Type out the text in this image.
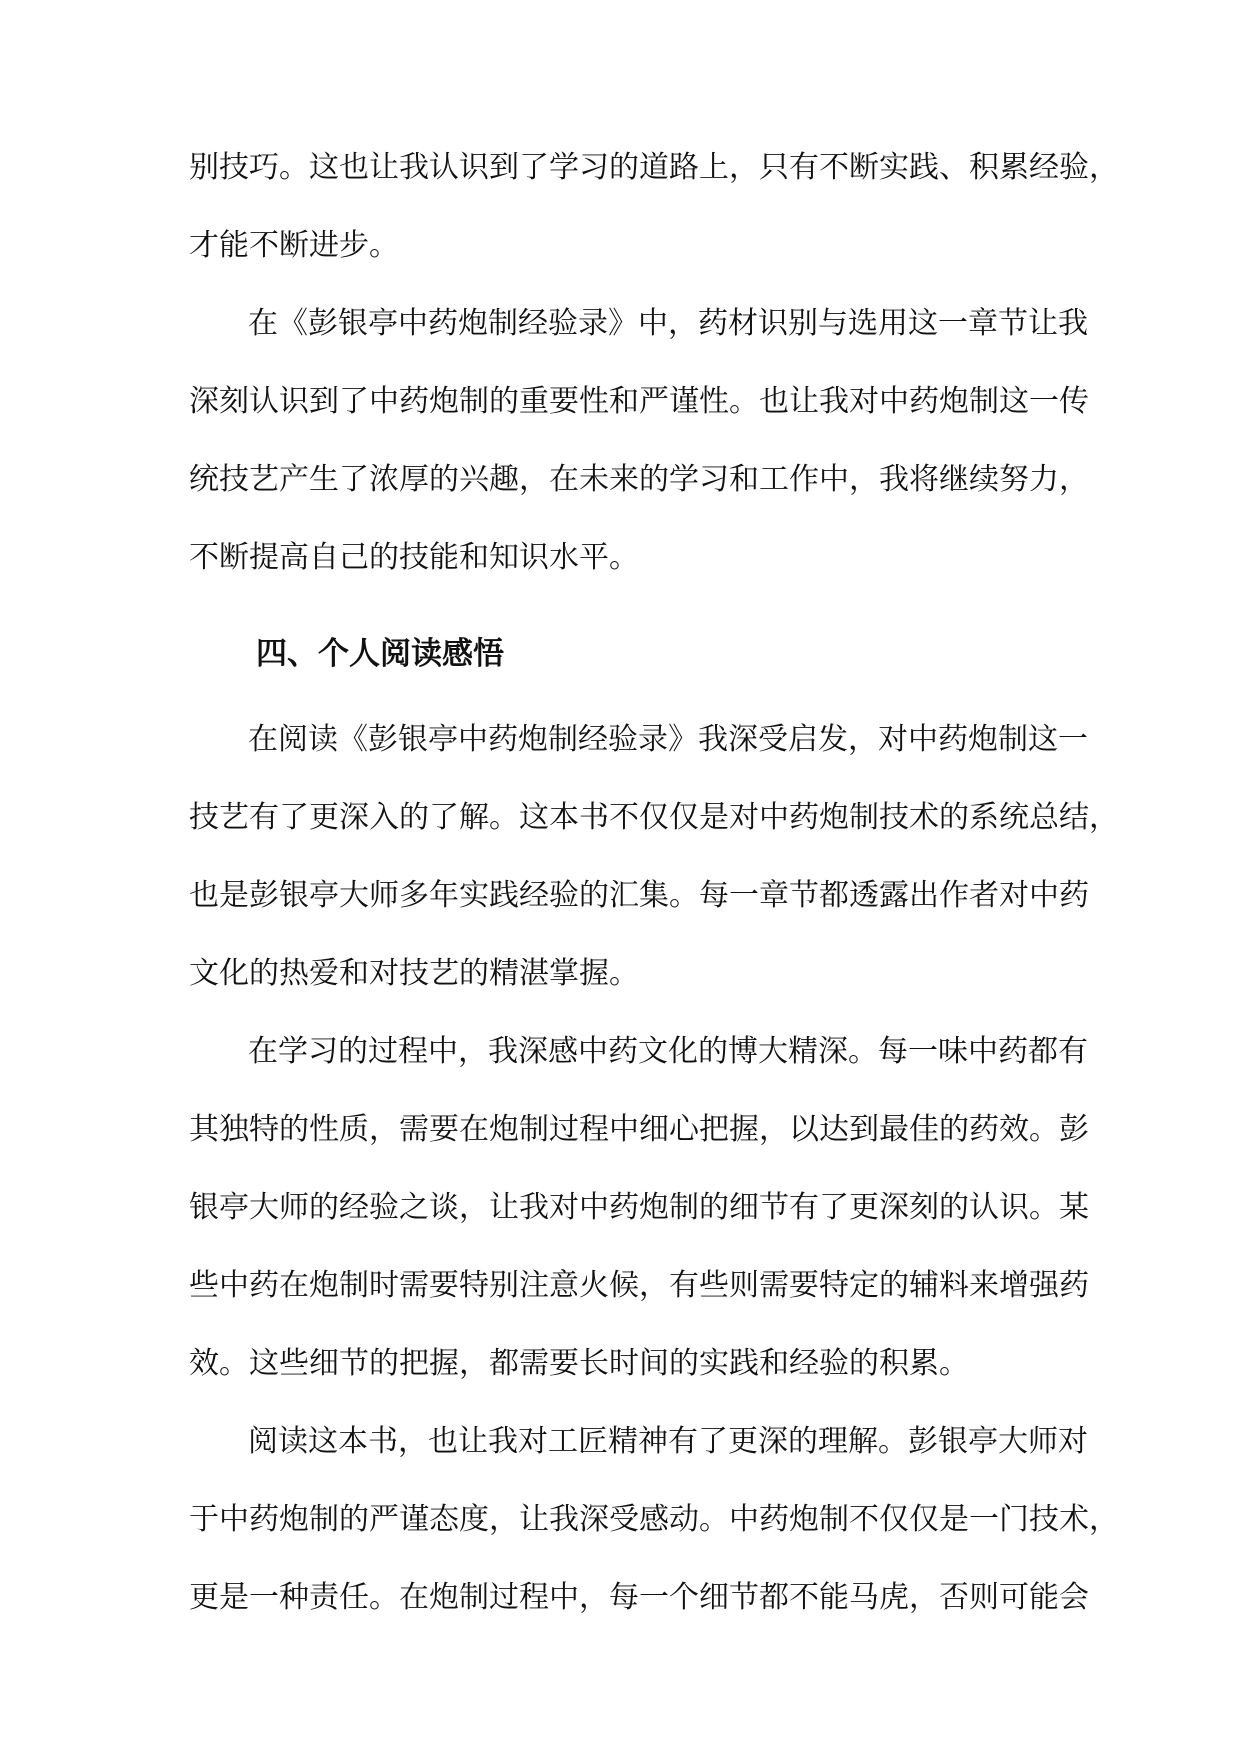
别技巧。这也让我认识到了学习的道路上，只有不断实践、积累经验，
才能不断进步。
在《彭银亭中药炮制经验录》中，药材识别与选用这一章节让我
深刻认识到了中药炮制的重要性和严谨性。也让我对中药炮制这一传
统技艺产生了浓厚的兴趣，在未来的学习和工作中，我将继续努力，
不断提高自己的技能和知识水平。
四、个人阅读感悟
在阅读《彭银亭中药炮制经验录》我深受启发，对中药炮制这一
技艺有了更深入的了解。这本书不仅仅是对中药炮制技术的系统总结，
也是彭银亭大师多年实践经验的汇集。每一章节都透露出作者对中药
文化的热爱和对技艺的精湛掌握。
在学习的过程中，我深感中药文化的博大精深。每一味中药都有
其独特的性质，需要在炮制过程中细心把握，以达到最佳的药效。彭
银亭大师的经验之谈，让我对中药炮制的细节有了更深刻的认识。某
些中药在炮制时需要特别注意火候，有些则需要特定的辅料来增强药
效。这些细节的把握，都需要长时间的实践和经验的积累。
阅读这本书，也让我对工匠精神有了更深的理解。彭银亭大师对
于中药炮制的严谨态度，让我深受感动。中药炮制不仅仅是一门技术，
更是一种责任。在炮制过程中，每一个细节都不能马虎，否则可能会
